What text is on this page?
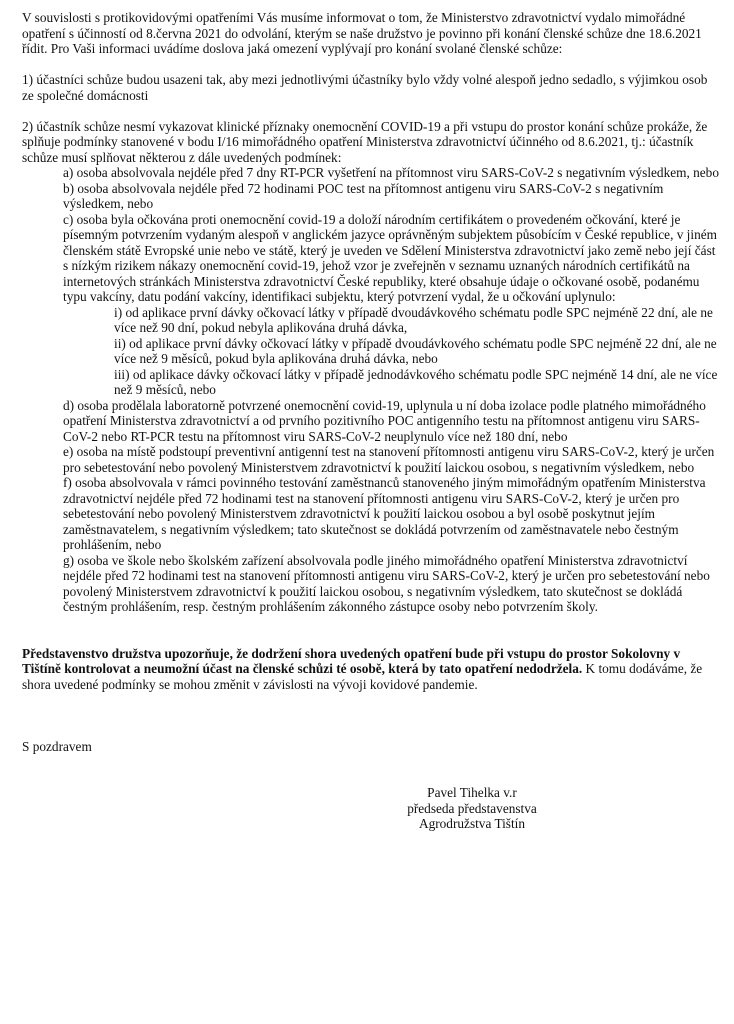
V souvislosti s protikovidovými opatřeními Vás musíme informovat o tom, že Ministerstvo zdravotnictví vydalo mimořádné opatření s účinností od 8.června 2021 do odvolání, kterým se naše družstvo je povinno při konání členské schůze dne 18.6.2021 řídit. Pro Vaši informaci uvádíme doslova jaká omezení vyplývají pro konání svolané členské schůze:

1) účastníci schůze budou usazeni tak, aby mezi jednotlivými účastníky bylo vždy volné alespoň jedno sedadlo, s výjimkou osob ze společné domácnosti

2) účastník schůze nesmí vykazovat klinické příznaky onemocnění COVID-19 a při vstupu do prostor konání schůze prokáže, že splňuje podmínky stanovené v bodu I/16 mimořádného opatření Ministerstva zdravotnictví účinného od 8.6.2021, tj.: účastník schůze musí splňovat některou z dále uvedených podmínek:

a) osoba absolvovala nejdéle před 7 dny RT-PCR vyšetření na přítomnost viru SARS-CoV-2 s negativním výsledkem, nebo

b) osoba absolvovala nejdéle před 72 hodinami POC test na přítomnost antigenu viru SARS-CoV-2 s negativním výsledkem, nebo

c) osoba byla očkována proti onemocnění covid-19 a doloží národním certifikátem o provedeném očkování, které je písemným potvrzením vydaným alespoň v anglickém jazyce oprávněným subjektem působícím v České republice, v jiném členském státě Evropské unie nebo ve státě, který je uveden ve Sdělení Ministerstva zdravotnictví jako země nebo její část s nízkým rizikem nákazy onemocnění covid-19, jehož vzor je zveřejněn v seznamu uznaných národních certifikátů na internetových stránkách Ministerstva zdravotnictví České republiky, které obsahuje údaje o očkované osobě, podanému typu vakcíny, datu podání vakcíny, identifikaci subjektu, který potvrzení vydal, že u očkování uplynulo:

i) od aplikace první dávky očkovací látky v případě dvoudávkového schématu podle SPC nejméně 22 dní, ale ne více než 90 dní, pokud nebyla aplikována druhá dávka,

ii) od aplikace první dávky očkovací látky v případě dvoudávkového schématu podle SPC nejméně 22 dní, ale ne více než 9 měsíců, pokud byla aplikována druhá dávka, nebo

iii) od aplikace dávky očkovací látky v případě jednodávkového schématu podle SPC nejméně 14 dní, ale ne více než 9 měsíců, nebo

d) osoba prodělala laboratorně potvrzené onemocnění covid-19, uplynula u ní doba izolace podle platného mimořádného opatření Ministerstva zdravotnictví a od prvního pozitivního POC antigenního testu na přítomnost antigenu viru SARS-CoV-2 nebo RT-PCR testu na přítomnost viru SARS-CoV-2 neuplynulo více než 180 dní, nebo

e) osoba na místě podstoupí preventivní antigenní test na stanovení přítomnosti antigenu viru SARS-CoV-2, který je určen pro sebetestování nebo povolený Ministerstvem zdravotnictví k použití laickou osobou, s negativním výsledkem, nebo

f) osoba absolvovala v rámci povinného testování zaměstnanců stanoveného jiným mimořádným opatřením Ministerstva zdravotnictví nejdéle před 72 hodinami test na stanovení přítomnosti antigenu viru SARS-CoV-2, který je určen pro sebetestování nebo povolený Ministerstvem zdravotnictví k použití laickou osobou a byl osobě poskytnut jejím zaměstnavatelem, s negativním výsledkem; tato skutečnost se dokládá potvrzením od zaměstnavatele nebo čestným prohlášením, nebo

g) osoba ve škole nebo školském zařízení absolvovala podle jiného mimořádného opatření Ministerstva zdravotnictví nejdéle před 72 hodinami test na stanovení přítomnosti antigenu viru SARS-CoV-2, který je určen pro sebetestování nebo povolený Ministerstvem zdravotnictví k použití laickou osobou, s negativním výsledkem, tato skutečnost se dokládá čestným prohlášením, resp. čestným prohlášením zákonného zástupce osoby nebo potvrzením školy.

Představenstvo družstva upozorňuje, že dodržení shora uvedených opatření bude při vstupu do prostor Sokolovny v Tištíně kontrolovat a neumožní účast na členské schůzi té osobě, která by tato opatření nedodržela. K tomu dodáváme, že shora uvedené podmínky se mohou změnit v závislosti na vývoji kovidové pandemie.

S pozdravem

Pavel Tihelka v.r

předseda představenstva

Agrodružstva Tištín
